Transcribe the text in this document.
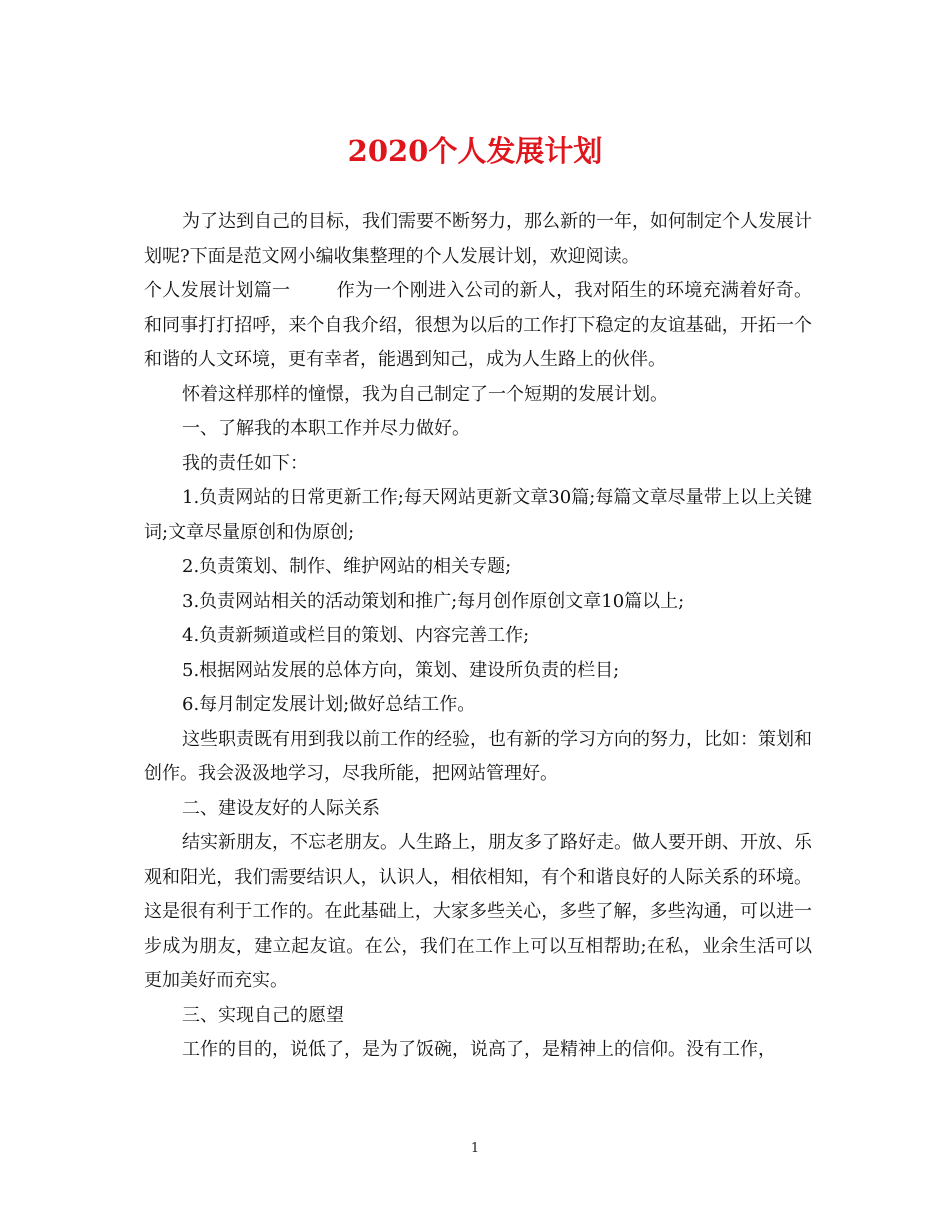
2020个人发展计划

为了达到自己的目标，我们需要不断努力，那么新的一年，如何制定个人发展计划呢?下面是范文网小编收集整理的个人发展计划，欢迎阅读。

个人发展计划篇一	作为一个刚进入公司的新人，我对陌生的环境充满着好奇。和同事打打招呼，来个自我介绍，很想为以后的工作打下稳定的友谊基础，开拓一个和谐的人文环境，更有幸者，能遇到知己，成为人生路上的伙伴。

怀着这样那样的憧憬，我为自己制定了一个短期的发展计划。

一、了解我的本职工作并尽力做好。

我的责任如下：

1.负责网站的日常更新工作;每天网站更新文章30篇;每篇文章尽量带上以上关键词;文章尽量原创和伪原创;

2.负责策划、制作、维护网站的相关专题;

3.负责网站相关的活动策划和推广;每月创作原创文章10篇以上;

4.负责新频道或栏目的策划、内容完善工作;

5.根据网站发展的总体方向，策划、建设所负责的栏目;

6.每月制定发展计划;做好总结工作。

这些职责既有用到我以前工作的经验，也有新的学习方向的努力，比如：策划和创作。我会汲汲地学习，尽我所能，把网站管理好。

二、建设友好的人际关系

结实新朋友，不忘老朋友。人生路上，朋友多了路好走。做人要开朗、开放、乐观和阳光，我们需要结识人，认识人，相依相知，有个和谐良好的人际关系的环境。这是很有利于工作的。在此基础上，大家多些关心，多些了解，多些沟通，可以进一步成为朋友，建立起友谊。在公，我们在工作上可以互相帮助;在私，业余生活可以更加美好而充实。

三、实现自己的愿望

工作的目的，说低了，是为了饭碗，说高了，是精神上的信仰。没有工作，

1
